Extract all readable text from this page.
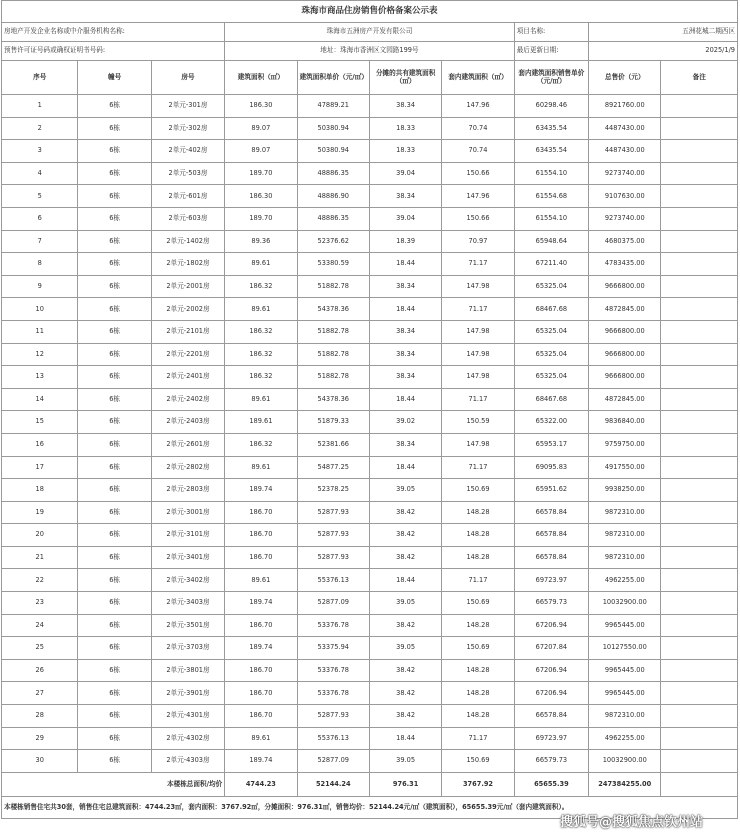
珠海市商品住房销售价格备案公示表									
房地产开发企业名称或中介服务机构名称:			珠海市五洲房产开发有限公司				项目名称:	五洲花城二期西区	
预售许可证号码或确权证明书号码:			地址：珠海市香洲区文园路199号				最后更新日期:	2025/1/9	
序号	幢号	房号	建筑面积（㎡）	建筑面积单价（元/㎡）	分摊的共有建筑面积（㎡）	套内建筑面积（㎡）	套内建筑面积销售单价（元/㎡）	总售价（元）	备注
1	6栋	2单元-301房	186.30	47889.21	38.34	147.96	60298.46	8921760.00	
2	6栋	2单元-302房	89.07	50380.94	18.33	70.74	63435.54	4487430.00	
3	6栋	2单元-402房	89.07	50380.94	18.33	70.74	63435.54	4487430.00	
4	6栋	2单元-503房	189.70	48886.35	39.04	150.66	61554.10	9273740.00	
5	6栋	2单元-601房	186.30	48886.90	38.34	147.96	61554.68	9107630.00	
6	6栋	2单元-603房	189.70	48886.35	39.04	150.66	61554.10	9273740.00	
7	6栋	2单元-1402房	89.36	52376.62	18.39	70.97	65948.64	4680375.00	
8	6栋	2单元-1802房	89.61	53380.59	18.44	71.17	67211.40	4783435.00	
9	6栋	2单元-2001房	186.32	51882.78	38.34	147.98	65325.04	9666800.00	
10	6栋	2单元-2002房	89.61	54378.36	18.44	71.17	68467.68	4872845.00	
11	6栋	2单元-2101房	186.32	51882.78	38.34	147.98	65325.04	9666800.00	
12	6栋	2单元-2201房	186.32	51882.78	38.34	147.98	65325.04	9666800.00	
13	6栋	2单元-2401房	186.32	51882.78	38.34	147.98	65325.04	9666800.00	
14	6栋	2单元-2402房	89.61	54378.36	18.44	71.17	68467.68	4872845.00	
15	6栋	2单元-2403房	189.61	51879.33	39.02	150.59	65322.00	9836840.00	
16	6栋	2单元-2601房	186.32	52381.66	38.34	147.98	65953.17	9759750.00	
17	6栋	2单元-2802房	89.61	54877.25	18.44	71.17	69095.83	4917550.00	
18	6栋	2单元-2803房	189.74	52378.25	39.05	150.69	65951.62	9938250.00	
19	6栋	2单元-3001房	186.70	52877.93	38.42	148.28	66578.84	9872310.00	
20	6栋	2单元-3101房	186.70	52877.93	38.42	148.28	66578.84	9872310.00	
21	6栋	2单元-3401房	186.70	52877.93	38.42	148.28	66578.84	9872310.00	
22	6栋	2单元-3402房	89.61	55376.13	18.44	71.17	69723.97	4962255.00	
23	6栋	2单元-3403房	189.74	52877.09	39.05	150.69	66579.73	10032900.00	
24	6栋	2单元-3501房	186.70	53376.78	38.42	148.28	67206.94	9965445.00	
25	6栋	2单元-3703房	189.74	53375.94	39.05	150.69	67207.84	10127550.00	
26	6栋	2单元-3801房	186.70	53376.78	38.42	148.28	67206.94	9965445.00	
27	6栋	2单元-3901房	186.70	53376.78	38.42	148.28	67206.94	9965445.00	
28	6栋	2单元-4301房	186.70	52877.93	38.42	148.28	66578.84	9872310.00	
29	6栋	2单元-4302房	89.61	55376.13	18.44	71.17	69723.97	4962255.00	
30	6栋	2单元-4303房	189.74	52877.09	39.05	150.69	66579.73	10032900.00	
本楼栋总面积/均价			4744.23	52144.24	976.31	3767.92	65655.39	247384255.00	
本楼栋销售住宅共30套，销售住宅总建筑面积：4744.23㎡，套内面积：3767.92㎡，分摊面积：976.31㎡，销售均价：52144.24元/㎡（建筑面积），65655.39元/㎡（套内建筑面积）。									
搜狐号@搜狐焦点钦州站
